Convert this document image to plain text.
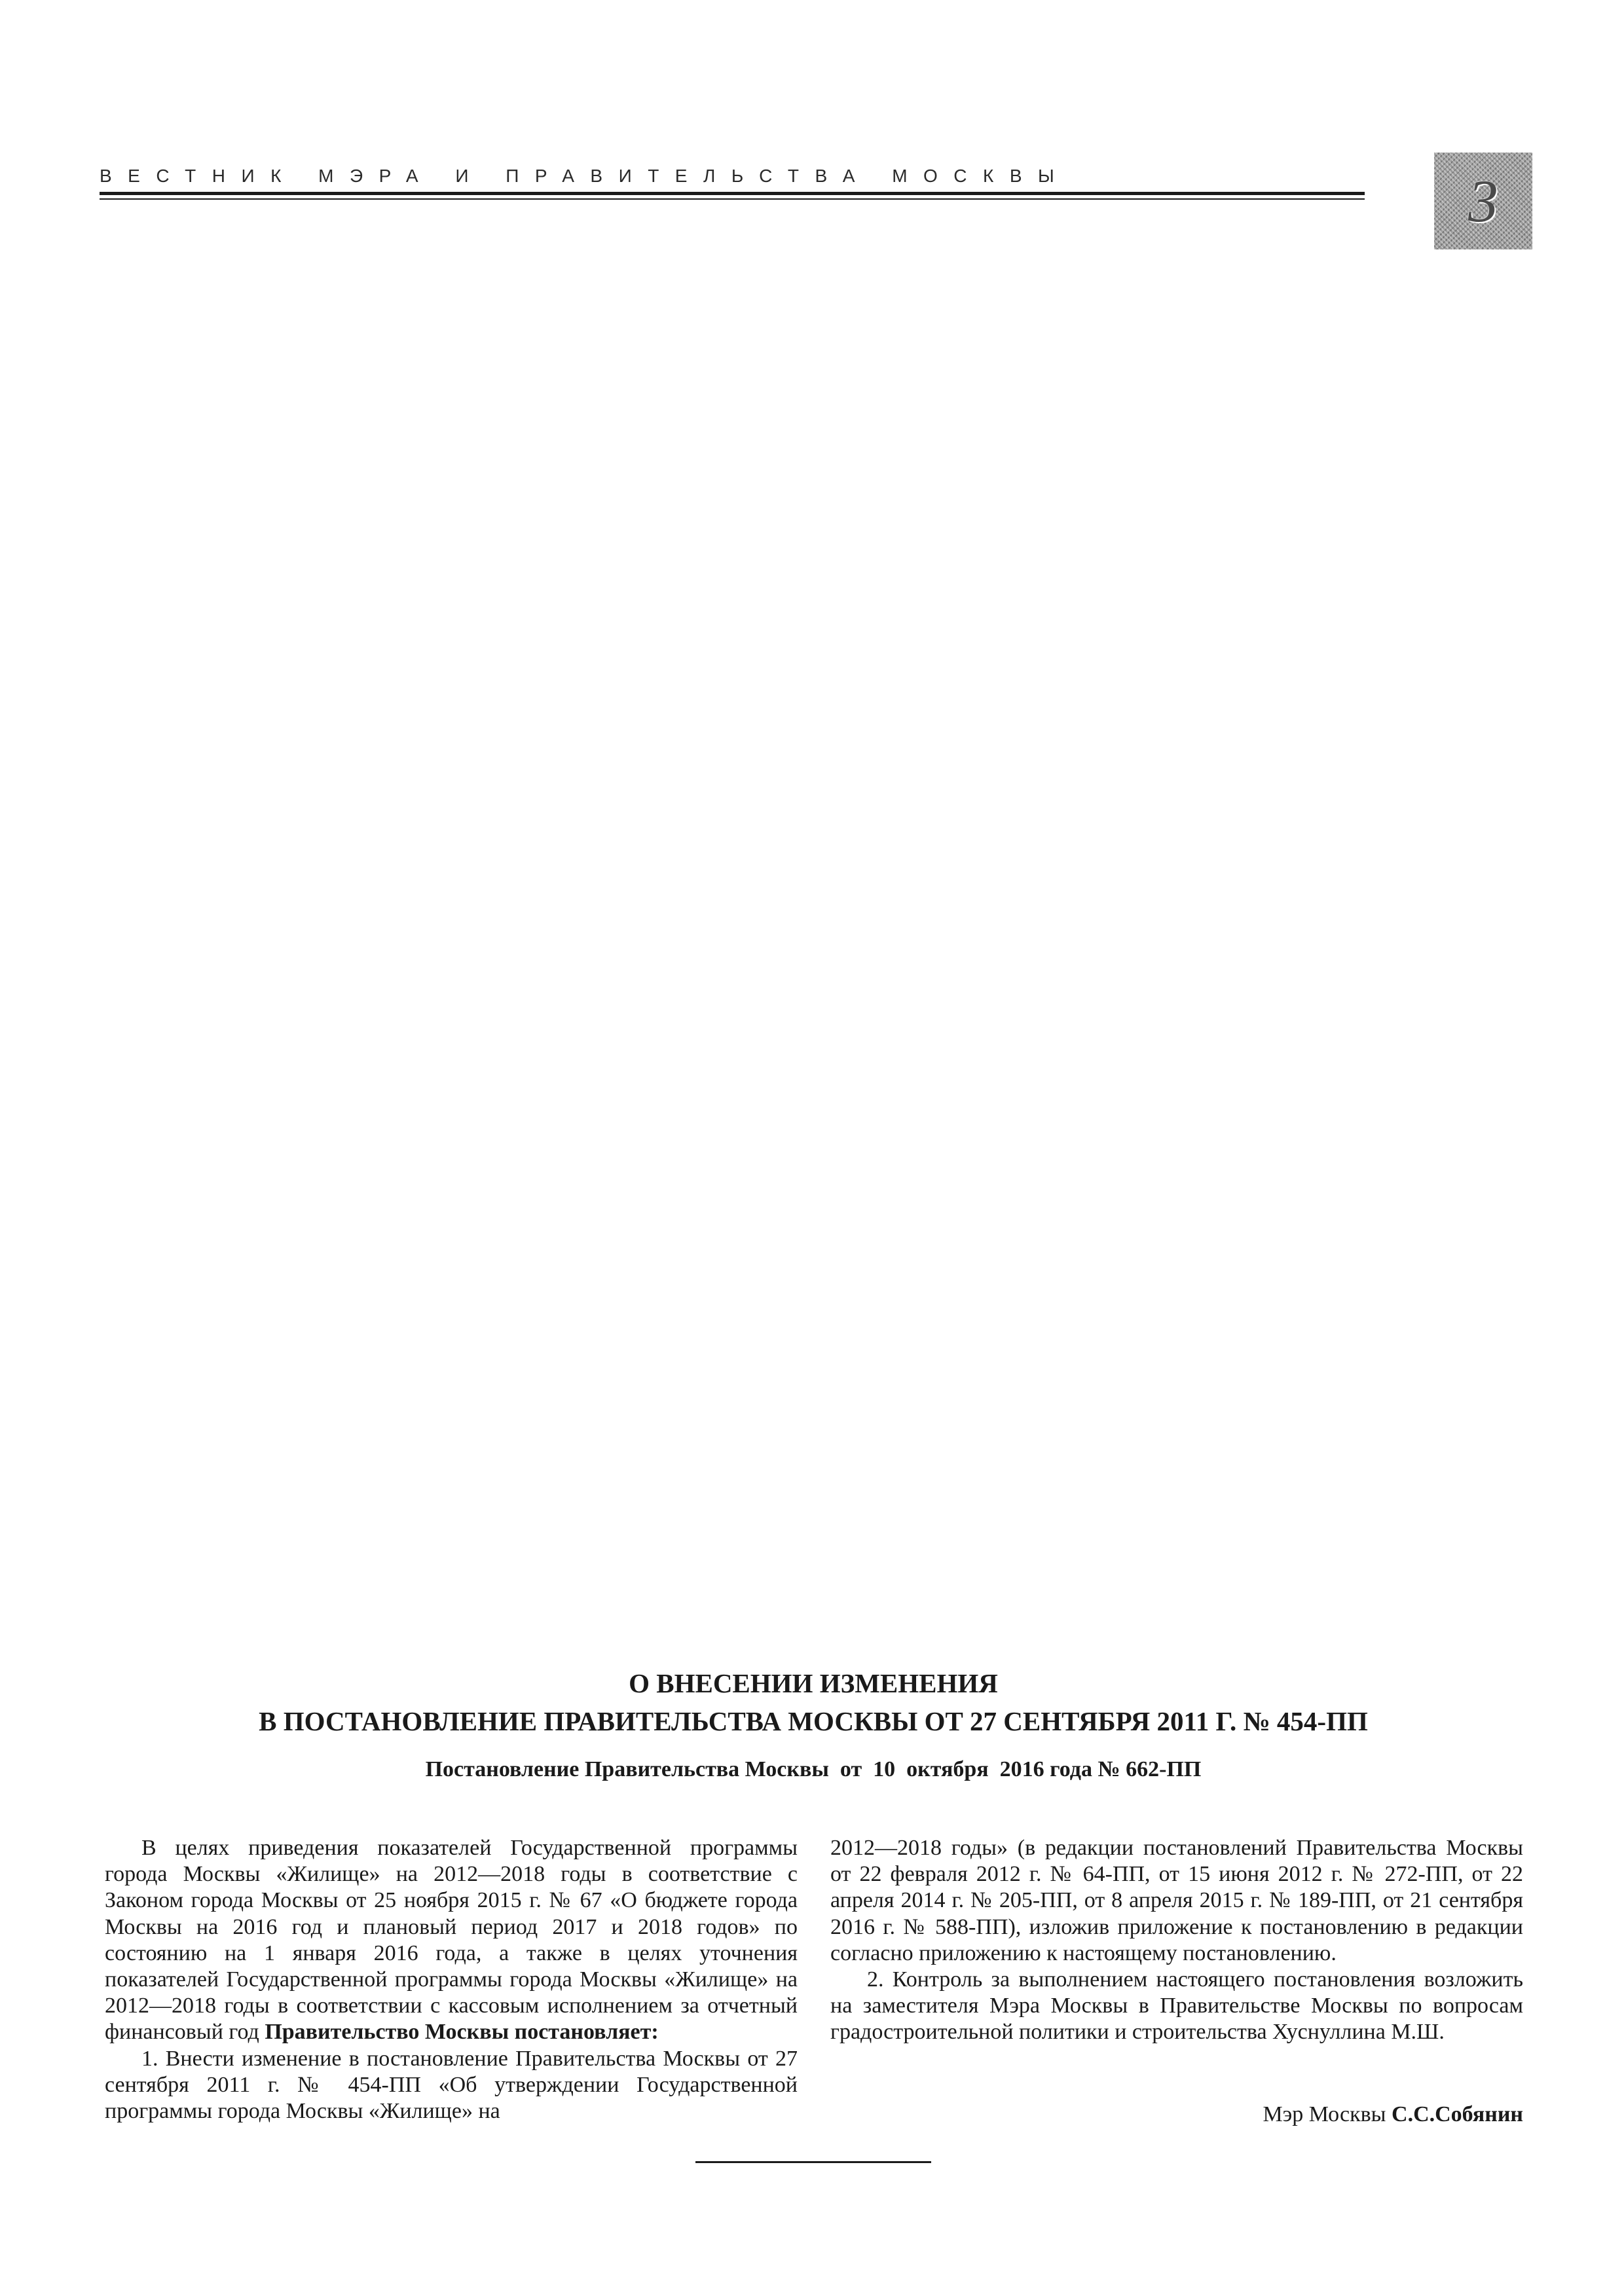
ВЕСТНИК МЭРА И ПРАВИТЕЛЬСТВА МОСКВЫ	3
О ВНЕСЕНИИ ИЗМЕНЕНИЯ
В ПОСТАНОВЛЕНИЕ ПРАВИТЕЛЬСТВА МОСКВЫ ОТ 27 СЕНТЯБРЯ 2011 Г. № 454-ПП
Постановление Правительства Москвы  от  10  октября  2016 года № 662-ПП

В целях приведения показателей Государственной программы города Москвы «Жилище» на 2012—2018 годы в соответствие с Законом города Москвы от 25 ноября 2015 г. № 67 «О бюджете города Москвы на 2016 год и плановый период 2017 и 2018 годов» по состоянию на 1 января 2016 года, а также в целях уточнения показателей Государственной программы города Москвы «Жилище» на 2012—2018 годы в соответствии с кассовым исполнением за отчетный финансовый год Правительство Москвы постановляет:

1. Внести изменение в постановление Правительства Москвы от 27 сентября 2011 г. № 454-ПП «Об утверждении Государственной программы города Москвы «Жилище» на

2012—2018 годы» (в редакции постановлений Правительства Москвы от 22 февраля 2012 г. № 64-ПП, от 15 июня 2012 г. № 272-ПП, от 22 апреля 2014 г. № 205-ПП, от 8 апреля 2015 г. № 189-ПП, от 21 сентября 2016 г. № 588-ПП), изложив приложение к постановлению в редакции согласно приложению к настоящему постановлению.

2. Контроль за выполнением настоящего постановления возложить на заместителя Мэра Москвы в Правительстве Москвы по вопросам градостроительной политики и строительства Хуснуллина М.Ш.

Мэр Москвы С.С.Собянин
